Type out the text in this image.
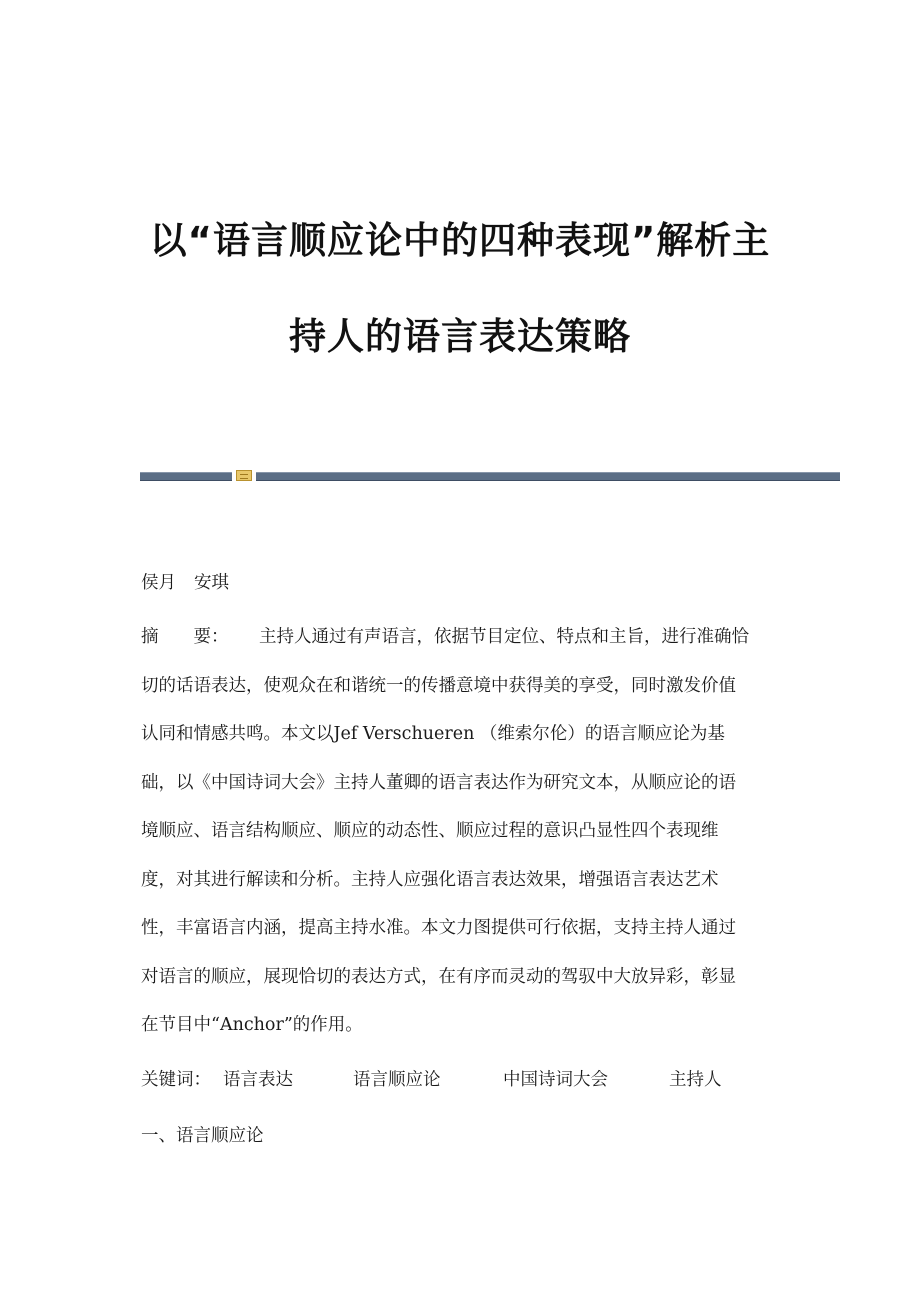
以“语言顺应论中的四种表现”解析主
持人的语言表达策略
侯月 安琪
摘　　要： 主持人通过有声语言，依据节目定位、特点和主旨，进行准确恰
切的话语表达，使观众在和谐统一的传播意境中获得美的享受，同时激发价值
认同和情感共鸣。本文以Jef Verschueren （维索尔伦）的语言顺应论为基
础，以《中国诗词大会》主持人董卿的语言表达作为研究文本，从顺应论的语
境顺应、语言结构顺应、顺应的动态性、顺应过程的意识凸显性四个表现维
度，对其进行解读和分析。主持人应强化语言表达效果，增强语言表达艺术
性，丰富语言内涵，提高主持水准。本文力图提供可行依据，支持主持人通过
对语言的顺应，展现恰切的表达方式，在有序而灵动的驾驭中大放异彩，彰显
在节目中“Anchor”的作用。
关键词： 语言表达	语言顺应论	中国诗词大会	主持人
一、语言顺应论
